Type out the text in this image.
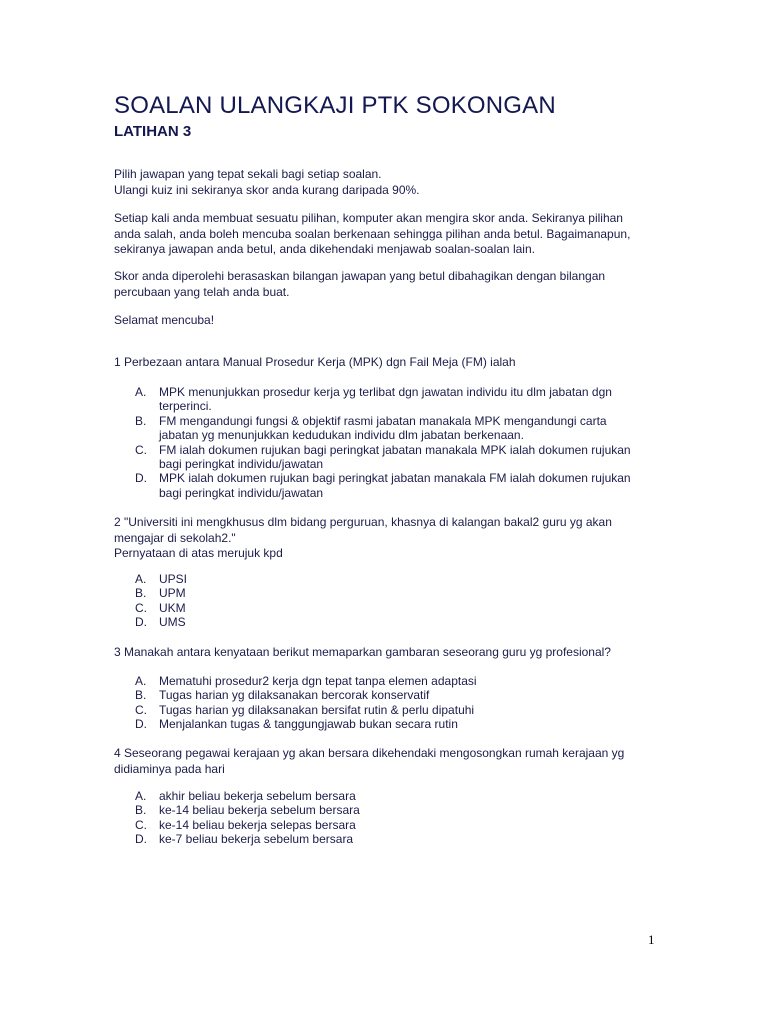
SOALAN ULANGKAJI PTK SOKONGAN
LATIHAN 3
Pilih jawapan yang tepat sekali bagi setiap soalan.
Ulangi kuiz ini sekiranya skor anda kurang daripada 90%.
Setiap kali anda membuat sesuatu pilihan, komputer akan mengira skor anda. Sekiranya pilihan
anda salah, anda boleh mencuba soalan berkenaan sehingga pilihan anda betul. Bagaimanapun,
sekiranya jawapan anda betul, anda dikehendaki menjawab soalan-soalan lain.
Skor anda diperolehi berasaskan bilangan jawapan yang betul dibahagikan dengan bilangan
percubaan yang telah anda buat.
Selamat mencuba!
1 Perbezaan antara Manual Prosedur Kerja (MPK) dgn Fail Meja (FM) ialah
A. MPK menunjukkan prosedur kerja yg terlibat dgn jawatan individu itu dlm jabatan dgn
terperinci.
B. FM mengandungi fungsi & objektif rasmi jabatan manakala MPK mengandungi carta
jabatan yg menunjukkan kedudukan individu dlm jabatan berkenaan.
C. FM ialah dokumen rujukan bagi peringkat jabatan manakala MPK ialah dokumen rujukan
bagi peringkat individu/jawatan
D. MPK ialah dokumen rujukan bagi peringkat jabatan manakala FM ialah dokumen rujukan
bagi peringkat individu/jawatan
2 "Universiti ini mengkhusus dlm bidang perguruan, khasnya di kalangan bakal2 guru yg akan
mengajar di sekolah2."
Pernyataan di atas merujuk kpd
A. UPSI
B. UPM
C. UKM
D. UMS
3 Manakah antara kenyataan berikut memaparkan gambaran seseorang guru yg profesional?
A. Mematuhi prosedur2 kerja dgn tepat tanpa elemen adaptasi
B. Tugas harian yg dilaksanakan bercorak konservatif
C. Tugas harian yg dilaksanakan bersifat rutin & perlu dipatuhi
D. Menjalankan tugas & tanggungjawab bukan secara rutin
4 Seseorang pegawai kerajaan yg akan bersara dikehendaki mengosongkan rumah kerajaan yg
didiaminya pada hari
A. akhir beliau bekerja sebelum bersara
B. ke-14 beliau bekerja sebelum bersara
C. ke-14 beliau bekerja selepas bersara
D. ke-7 beliau bekerja sebelum bersara
1
